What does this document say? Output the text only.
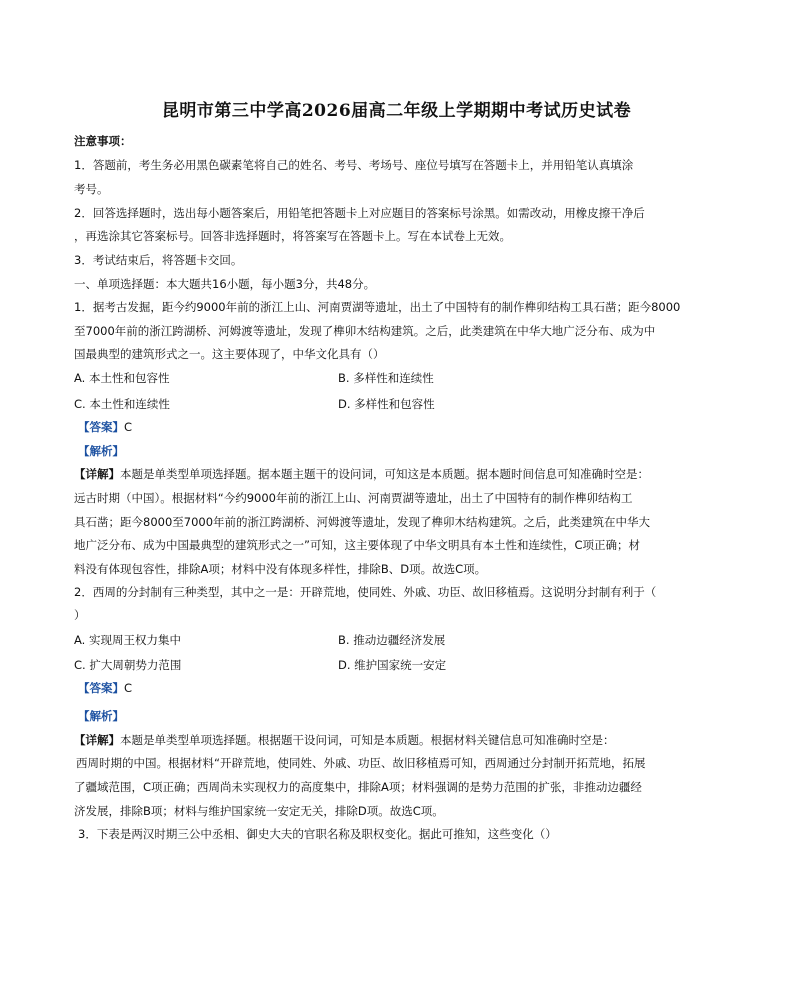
昆明市第三中学高2026届高二年级上学期期中考试历史试卷
注意事项：
1．答题前，考生务必用黑色碳素笔将自己的姓名、考号、考场号、座位号填写在答题卡上，并用铅笔认真填涂
考号。
2．回答选择题时，选出每小题答案后，用铅笔把答题卡上对应题目的答案标号涂黑。如需改动，用橡皮擦干净后
，再选涂其它答案标号。回答非选择题时，将答案写在答题卡上。写在本试卷上无效。
3．考试结束后，将答题卡交回。
一、单项选择题：本大题共16小题，每小题3分，共48分。
1．据考古发掘，距今约9000年前的浙江上山、河南贾湖等遗址，出土了中国特有的制作榫卯结构工具石凿；距今8000
至7000年前的浙江跨湖桥、河姆渡等遗址，发现了榫卯木结构建筑。之后，此类建筑在中华大地广泛分布、成为中
国最典型的建筑形式之一。这主要体现了，中华文化具有（）
A. 本土性和包容性	B. 多样性和连续性
C. 本土性和连续性	D. 多样性和包容性
【答案】C
【解析】
【详解】本题是单类型单项选择题。据本题主题干的设问词，可知这是本质题。据本题时间信息可知准确时空是：
远古时期（中国）。根据材料“今约9000年前的浙江上山、河南贾湖等遗址，出土了中国特有的制作榫卯结构工
具石凿；距今8000至7000年前的浙江跨湖桥、河姆渡等遗址，发现了榫卯木结构建筑。之后，此类建筑在中华大
地广泛分布、成为中国最典型的建筑形式之一”可知，这主要体现了中华文明具有本土性和连续性，C项正确；材
料没有体现包容性，排除A项；材料中没有体现多样性，排除B、D项。故选C项。
2．西周的分封制有三种类型，其中之一是：开辟荒地，使同姓、外戚、功臣、故旧移植焉。这说明分封制有利于（
）
A. 实现周王权力集中	B. 推动边疆经济发展
C. 扩大周朝势力范围	D. 维护国家统一安定
【答案】C
【解析】
【详解】本题是单类型单项选择题。根据题干设问词，可知是本质题。根据材料关键信息可知准确时空是：
西周时期的中国。根据材料“开辟荒地，使同姓、外戚、功臣、故旧移植焉可知，西周通过分封制开拓荒地，拓展
了疆域范围，C项正确；西周尚未实现权力的高度集中，排除A项；材料强调的是势力范围的扩张，非推动边疆经
济发展，排除B项；材料与维护国家统一安定无关，排除D项。故选C项。
3．下表是两汉时期三公中丞相、御史大夫的官职名称及职权变化。据此可推知，这些变化（）
